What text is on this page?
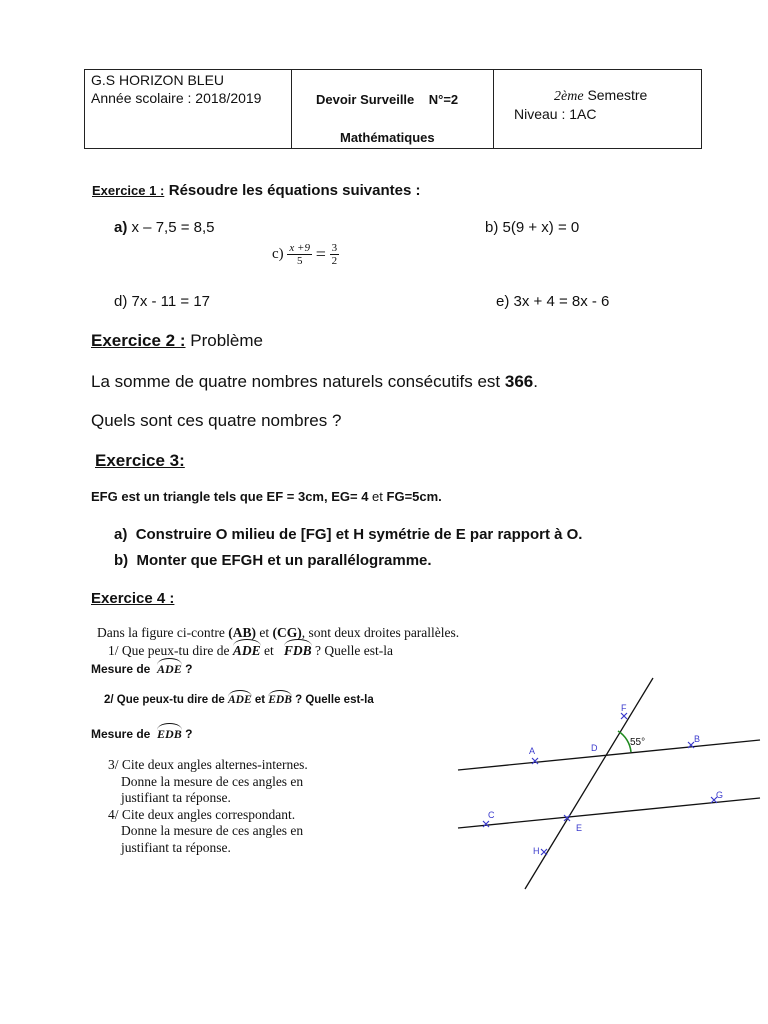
G.S HORIZON BLEU
Année scolaire : 2018/2019	Devoir Surveille N°=2
Mathématiques
2ème Semestre
Niveau : 1AC
Exercice 1 : Résoudre les équations suivantes :
a) x – 7,5 = 8,5	b) 5(9 + x) = 0
$c) \frac{x +9}{5} = \frac{3}{2}$
d) 7x - 11 = 17	e) 3x + 4 = 8x - 6
Exercice 2 : Problème
La somme de quatre nombres naturels consécutifs est 366.
Quels sont ces quatre nombres ?
Exercice 3:
EFG est un triangle tels que EF = 3cm, EG= 4 et FG=5cm.
a) Construire O milieu de [FG] et H symétrie de E par rapport à O.
b) Monter que EFGH et un parallélogramme.
Exercice 4 :
Dans la figure ci-contre (AB) et (CG), sont deux droites parallèles.
1/ Que peux-tu dire de ADE et   FDB ? Quelle est-la
Mesure de  ADE ?
2/ Que peux-tu dire de ADE et EDB ? Quelle est-la
Mesure de  EDB ?
3/ Cite deux angles alternes-internes.
Donne la mesure de ces angles en
justifiant ta réponse.
4/ Cite deux angles correspondant.
Donne la mesure de ces angles en
justifiant ta réponse.
A
B
C
D
E
F
G
H
55°
